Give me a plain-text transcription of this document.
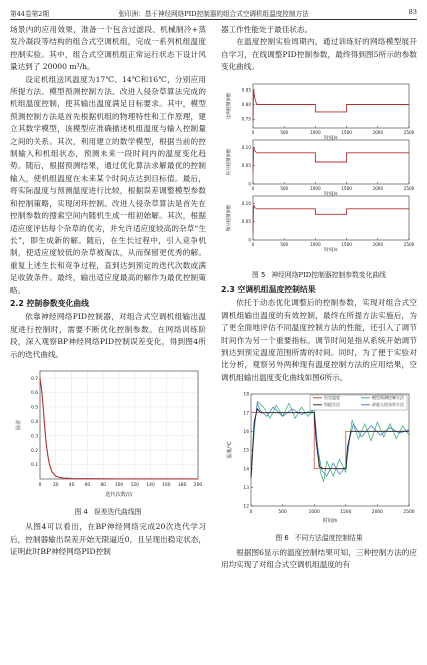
第44卷第2期	张印洲：基于神经网络PID控制器的组合式空调机组温度控制方法	83

场景内的应用效果，准备一个包含过滤段、机械制冷+蒸发冷凝段等结构的组合式空调机组，完成一系列机组温度控制实验。其中，组合式空调机组正常运行状态下设计风量达到了 20000 m³/h。

设定机组送风温度为17℃、14℃和16℃，分别应用所提方法、模型预测控制方法、改进人侵杂草算法完成的机组温度控制，使其输出温度满足目标要求。其中，模型预测控制方法是首先根据机组的物理特性和工作原理，建立其数学模型，该模型应准确描述机组温度与输入控制量之间的关系。其次，利用建立的数学模型，根据当前的控制输入和机组状态，预测未来一段时间内的温度变化趋势。随后，根据预测结果，通过优化算法求解最优的控制输入，使机组温度在未来某个时间点达到目标值。最后，将实际温度与预测温度进行比较，根据误差调整模型参数和控制策略，实现闭环控制。改进人侵杂草算法是首先在控制参数的搜索空间内随机生成一组初始解。其次，根据适应度评估每个杂草的优劣，并允许适应度较高的杂草“生长”，即生成新的解。随后，在生长过程中，引入竞争机制，使适应度较低的杂草被淘汰，从而保留更优秀的解。重复上述生长和竞争过程，直到达到预定的迭代次数或满足收敛条件。最终，输出适应度最高的解作为最优控制策略。

2.2 控制参数变化曲线

依靠神经网络PID控制器，对组合式空调机组输出温度进行控制时，需要不断优化控制参数。在网络训练阶段，深入观察BP神经网络PID控制误差变化，得到图4所示的迭代曲线。

0	20 40 60 80 100 120 140 160 180 200
0.1
0.2
0.3
0.4
0.5
0.6
0.7
迭代次数/次
误差
图 4 误差迭代曲线图

从图4可以看出，在BP神经网络完成20次迭代学习后，控制器输出误差开始无限逼近0，且呈现出稳定状态，证明此时BP神经网络PID控制

器工作性能处于最佳状态。

在温度控制实验周期内，通过训练好的网络模型展开自学习，在线调整PID控制参数，最终得到图5所示的参数变化曲线。

0.75
0.80
0.85
0	500	1000	1500	2000	2500
比例控制参数
时间/s
0
0.05
0.10
0	500	1000	1500	2000	2500
积分控制参数
时间/s
0
0.05
0.10
0	500	1000	1500	2000	2500
微分控制参数
时间/s
图 5 神经网络PID控制器控制参数变化曲线
2.3 空调机组温度控制结果

依托于动态优化调整后的控制参数，实现对组合式空调机组输出温度的有效控制，最终在所提方法实施后，为了更全面地评估不同温度控制方法的性能，还引入了调节时间作为另一个重要指标。调节时间是指从系统开始调节到达到预定温度范围所需的时间。同时，为了便于实验对比分析，观察另外两种现有温度控制方法的应用结果，空调机组输出温度变化曲线如图6所示。

12
13
14
15
16
17
18
0	500	1000	1500	2000	2500
时间/s
温度/℃
设定温度	模型预测控制方法
所提方法	改进人侵杂草方法
图 6 不同方法温度控制结果

根据图6显示的温度控制结果可知，三种控制方法的应用均实现了对组合式空调机组温度的有
